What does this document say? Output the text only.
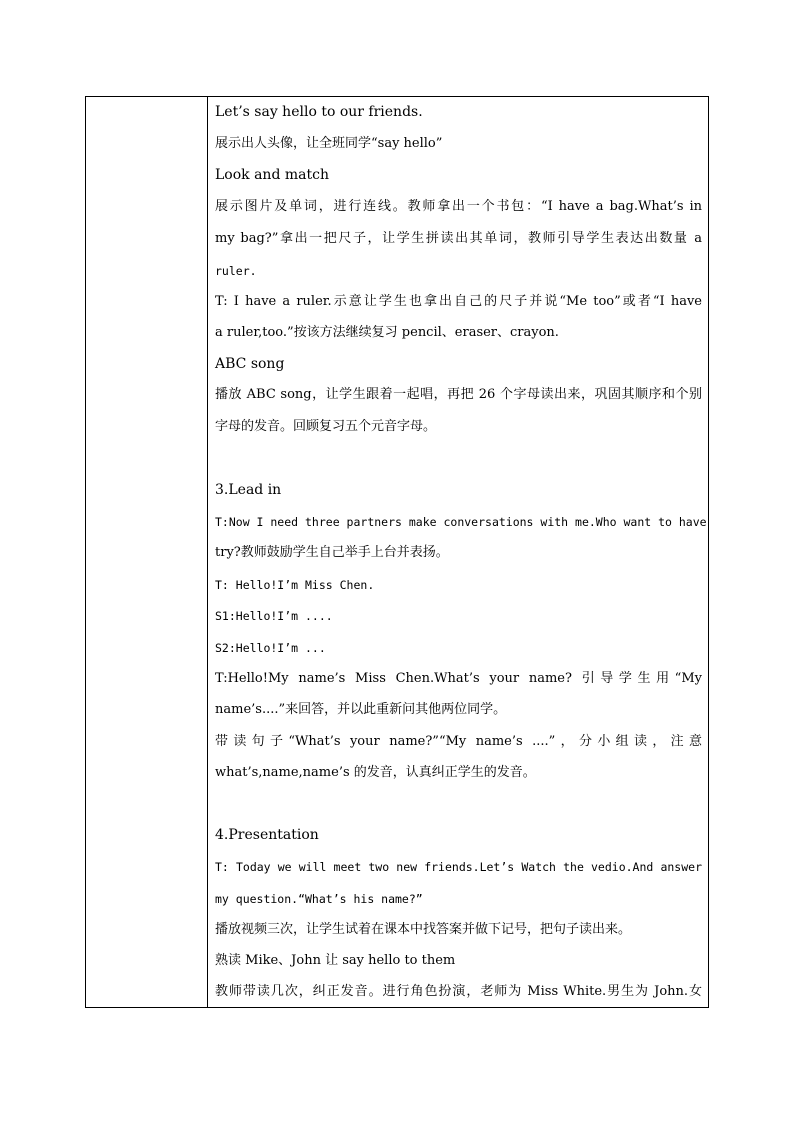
Let’s say hello to our friends.
展示出人头像，让全班同学“say hello”
Look and match
展示图片及单词，进行连线。教师拿出一个书包：“I have a bag.What’s in
my bag?”拿出一把尺子，让学生拼读出其单词，教师引导学生表达出数量 a
ruler.
T: I have a ruler.示意让学生也拿出自己的尺子并说“Me too”或者“I have
a ruler,too.”按该方法继续复习 pencil、eraser、crayon.
ABC song
播放 ABC song，让学生跟着一起唱，再把 26 个字母读出来，巩固其顺序和个别
字母的发音。回顾复习五个元音字母。
3.Lead in
T:Now I need three partners make conversations with me.Who want to have
try?教师鼓励学生自己举手上台并表扬。
T: Hello!I’m Miss Chen.
S1:Hello!I’m ....
S2:Hello!I’m ...
T:Hello!My name’s Miss Chen.What’s your name? 引导学生用“My
name’s....”来回答，并以此重新问其他两位同学。
带读句子“What’s your name?”“My name’s ....”，分小组读，注意
what’s,name,name’s 的发音，认真纠正学生的发音。
4.Presentation
T: Today we will meet two new friends.Let’s Watch the vedio.And answer
my question.“What’s his name?”
播放视频三次，让学生试着在课本中找答案并做下记号，把句子读出来。
熟读 Mike、John 让 say hello to them
教师带读几次，纠正发音。进行角色扮演，老师为 Miss White.男生为 John.女
